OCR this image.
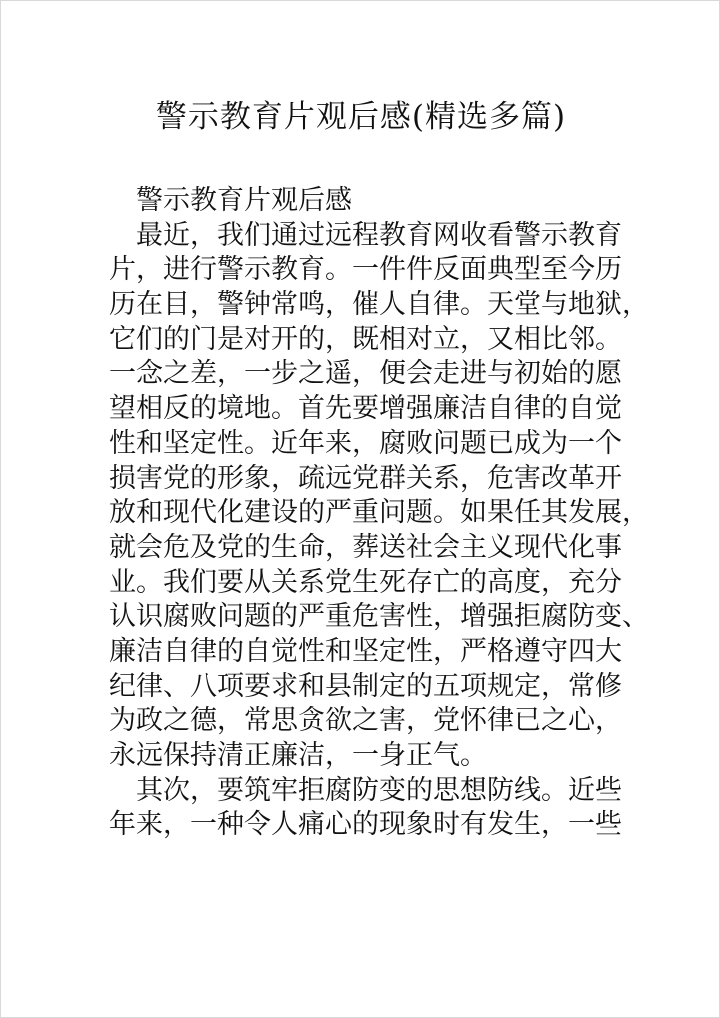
警示教育片观后感(精选多篇)

警示教育片观后感

最近，我们通过远程教育网收看警示教育

片，进行警示教育。一件件反面典型至今历

历在目，警钟常鸣，催人自律。天堂与地狱，

它们的门是对开的，既相对立，又相比邻。

一念之差，一步之遥，便会走进与初始的愿

望相反的境地。首先要增强廉洁自律的自觉

性和坚定性。近年来，腐败问题已成为一个

损害党的形象，疏远党群关系，危害改革开

放和现代化建设的严重问题。如果任其发展，

就会危及党的生命，葬送社会主义现代化事

业。我们要从关系党生死存亡的高度，充分

认识腐败问题的严重危害性，增强拒腐防变、

廉洁自律的自觉性和坚定性，严格遵守四大

纪律、八项要求和县制定的五项规定，常修

为政之德，常思贪欲之害，党怀律已之心，

永远保持清正廉洁，一身正气。

其次，要筑牢拒腐防变的思想防线。近些

年来，一种令人痛心的现象时有发生，一些
